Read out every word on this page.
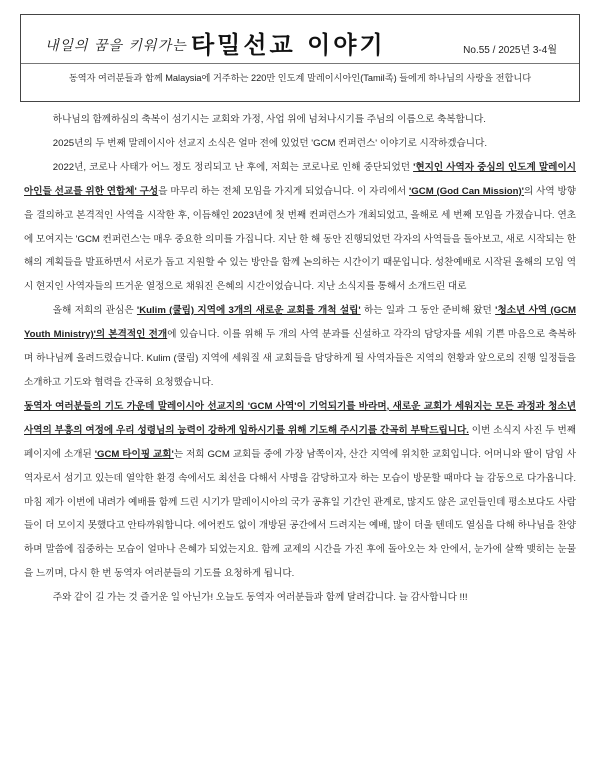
내일의 꿈을 키워가는 타밀선교 이야기	No.55 / 2025년 3-4월
동역자 여러분들과 함께 Malaysia에 거주하는 220만 인도계 말레이시아인(Tamil족) 들에게 하나님의 사랑을 전합니다

하나님의 함께하심의 축복이 섬기시는 교회와 가정, 사업 위에 넘쳐나시기를 주님의 이름으로 축복합니다.

2025년의 두 번째 말레이시아 선교지 소식은 얼마 전에 있었던 'GCM 컨퍼런스' 이야기로 시작하겠습니다.

2022년, 코로나 사태가 어느 정도 정리되고 난 후에, 저희는 코로나로 인해 중단되었던 '현지인 사역자 중심의 인도계 말레이시아인들 선교를 위한 연합체' 구성을 마무리 하는 전체 모임을 가지게 되었습니다. 이 자리에서 'GCM (God Can Mission)'의 사역 방향을 결의하고 본격적인 사역을 시작한 후, 이듬해인 2023년에 첫 번째 컨퍼런스가 개최되었고, 올해로 세 번째 모임을 가졌습니다. 연초에 모여지는 'GCM 컨퍼런스'는 매우 중요한 의미를 가집니다. 지난 한 해 동안 진행되었던 각자의 사역들을 돌아보고, 새로 시작되는 한 해의 계획들을 발표하면서 서로가 돕고 지원할 수 있는 방안을 함께 논의하는 시간이기 때문입니다. 성찬예배로 시작된 올해의 모임 역시 현지인 사역자들의 뜨거운 열정으로 채워진 은혜의 시간이었습니다. 지난 소식지를 통해서 소개드린 대로

올해 저희의 관심은 'Kulim (쿨림) 지역에 3개의 새로운 교회를 개척 설립' 하는 일과 그 동안 준비해 왔던 '청소년 사역 (GCM Youth Ministry)'의 본격적인 전개에 있습니다. 이를 위해 두 개의 사역 분과를 신설하고 각각의 담당자를 세워 기쁜 마음으로 축복하며 하나님께 올려드렸습니다. Kulim (쿨림) 지역에 세워질 새 교회들을 담당하게 될 사역자들은 지역의 현황과 앞으로의 진행 일정들을 소개하고 기도와 협력을 간곡히 요청했습니다.

동역자 여러분들의 기도 가운데 말레이시아 선교지의 'GCM 사역'이 기억되기를 바라며, 새로운 교회가 세워지는 모든 과정과 청소년 사역의 부흥의 여정에 우리 성령님의 능력이 강하게 임하시기를 위해 기도해 주시기를 간곡히 부탁드립니다. 이번 소식지 사진 두 번째 페이지에 소개된 'GCM 타이핑 교회'는 저희 GCM 교회들 중에 가장 남쪽이자, 산간 지역에 위치한 교회입니다. 어머니와 딸이 담임 사역자로서 섬기고 있는데 열악한 환경 속에서도 최선을 다해서 사명을 감당하고자 하는 모습이 방문할 때마다 늘 감동으로 다가옵니다. 마침 제가 이번에 내려가 예배를 함께 드린 시기가 말레이시아의 국가 공휴일 기간인 관계로, 많지도 않은 교인들인데 평소보다도 사람들이 더 모이지 못했다고 안타까워합니다. 에어컨도 없이 개방된 공간에서 드려지는 예배, 많이 더울 텐데도 열심을 다해 하나님을 찬양하며 말씀에 집중하는 모습이 얼마나 은혜가 되었는지요. 함께 교제의 시간을 가진 후에 돌아오는 차 안에서, 눈가에 살짝 맺히는 눈물을 느끼며, 다시 한 번 동역자 여러분들의 기도를 요청하게 됩니다.

주와 같이 길 가는 것 즐거운 일 아닌가! 오늘도 동역자 여러분들과 함께 달려갑니다. 늘 감사합니다 !!!
